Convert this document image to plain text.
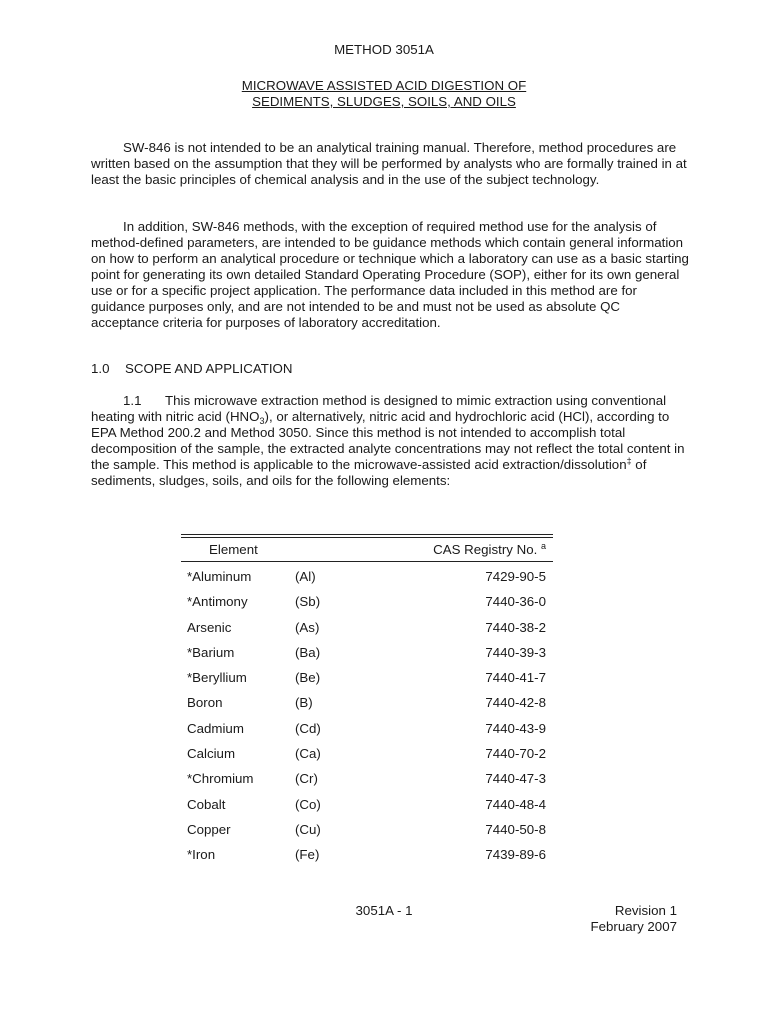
METHOD 3051A
MICROWAVE ASSISTED ACID DIGESTION OF
SEDIMENTS, SLUDGES, SOILS, AND OILS

SW-846 is not intended to be an analytical training manual. Therefore, method procedures are written based on the assumption that they will be performed by analysts who are formally trained in at least the basic principles of chemical analysis and in the use of the subject technology.

In addition, SW-846 methods, with the exception of required method use for the analysis of method-defined parameters, are intended to be guidance methods which contain general information on how to perform an analytical procedure or technique which a laboratory can use as a basic starting point for generating its own detailed Standard Operating Procedure (SOP), either for its own general use or for a specific project application. The performance data included in this method are for guidance purposes only, and are not intended to be and must not be used as absolute QC acceptance criteria for purposes of laboratory accreditation.

1.0 SCOPE AND APPLICATION

1.1 This microwave extraction method is designed to mimic extraction using conventional heating with nitric acid $(HNO_3)$, or alternatively, nitric acid and hydrochloric acid (HCl), according to EPA Method 200.2 and Method 3050. Since this method is not intended to accomplish total decomposition of the sample, the extracted analyte concentrations may not reflect the total content in the sample. This method is applicable to the microwave-assisted acid extraction/dissolution‡ of sediments, sludges, soils, and oils for the following elements:

Element	CAS Registry No. $^a$
*Aluminum	(Al)	7429-90-5
*Antimony	(Sb)	7440-36-0
Arsenic	(As)	7440-38-2
*Barium	(Ba)	7440-39-3
*Beryllium	(Be)	7440-41-7
Boron	(B)	7440-42-8
Cadmium	(Cd)	7440-43-9
Calcium	(Ca)	7440-70-2
*Chromium	(Cr)	7440-47-3
Cobalt	(Co)	7440-48-4
Copper	(Cu)	7440-50-8
*Iron	(Fe)	7439-89-6
3051A - 1	Revision 1
February 2007
